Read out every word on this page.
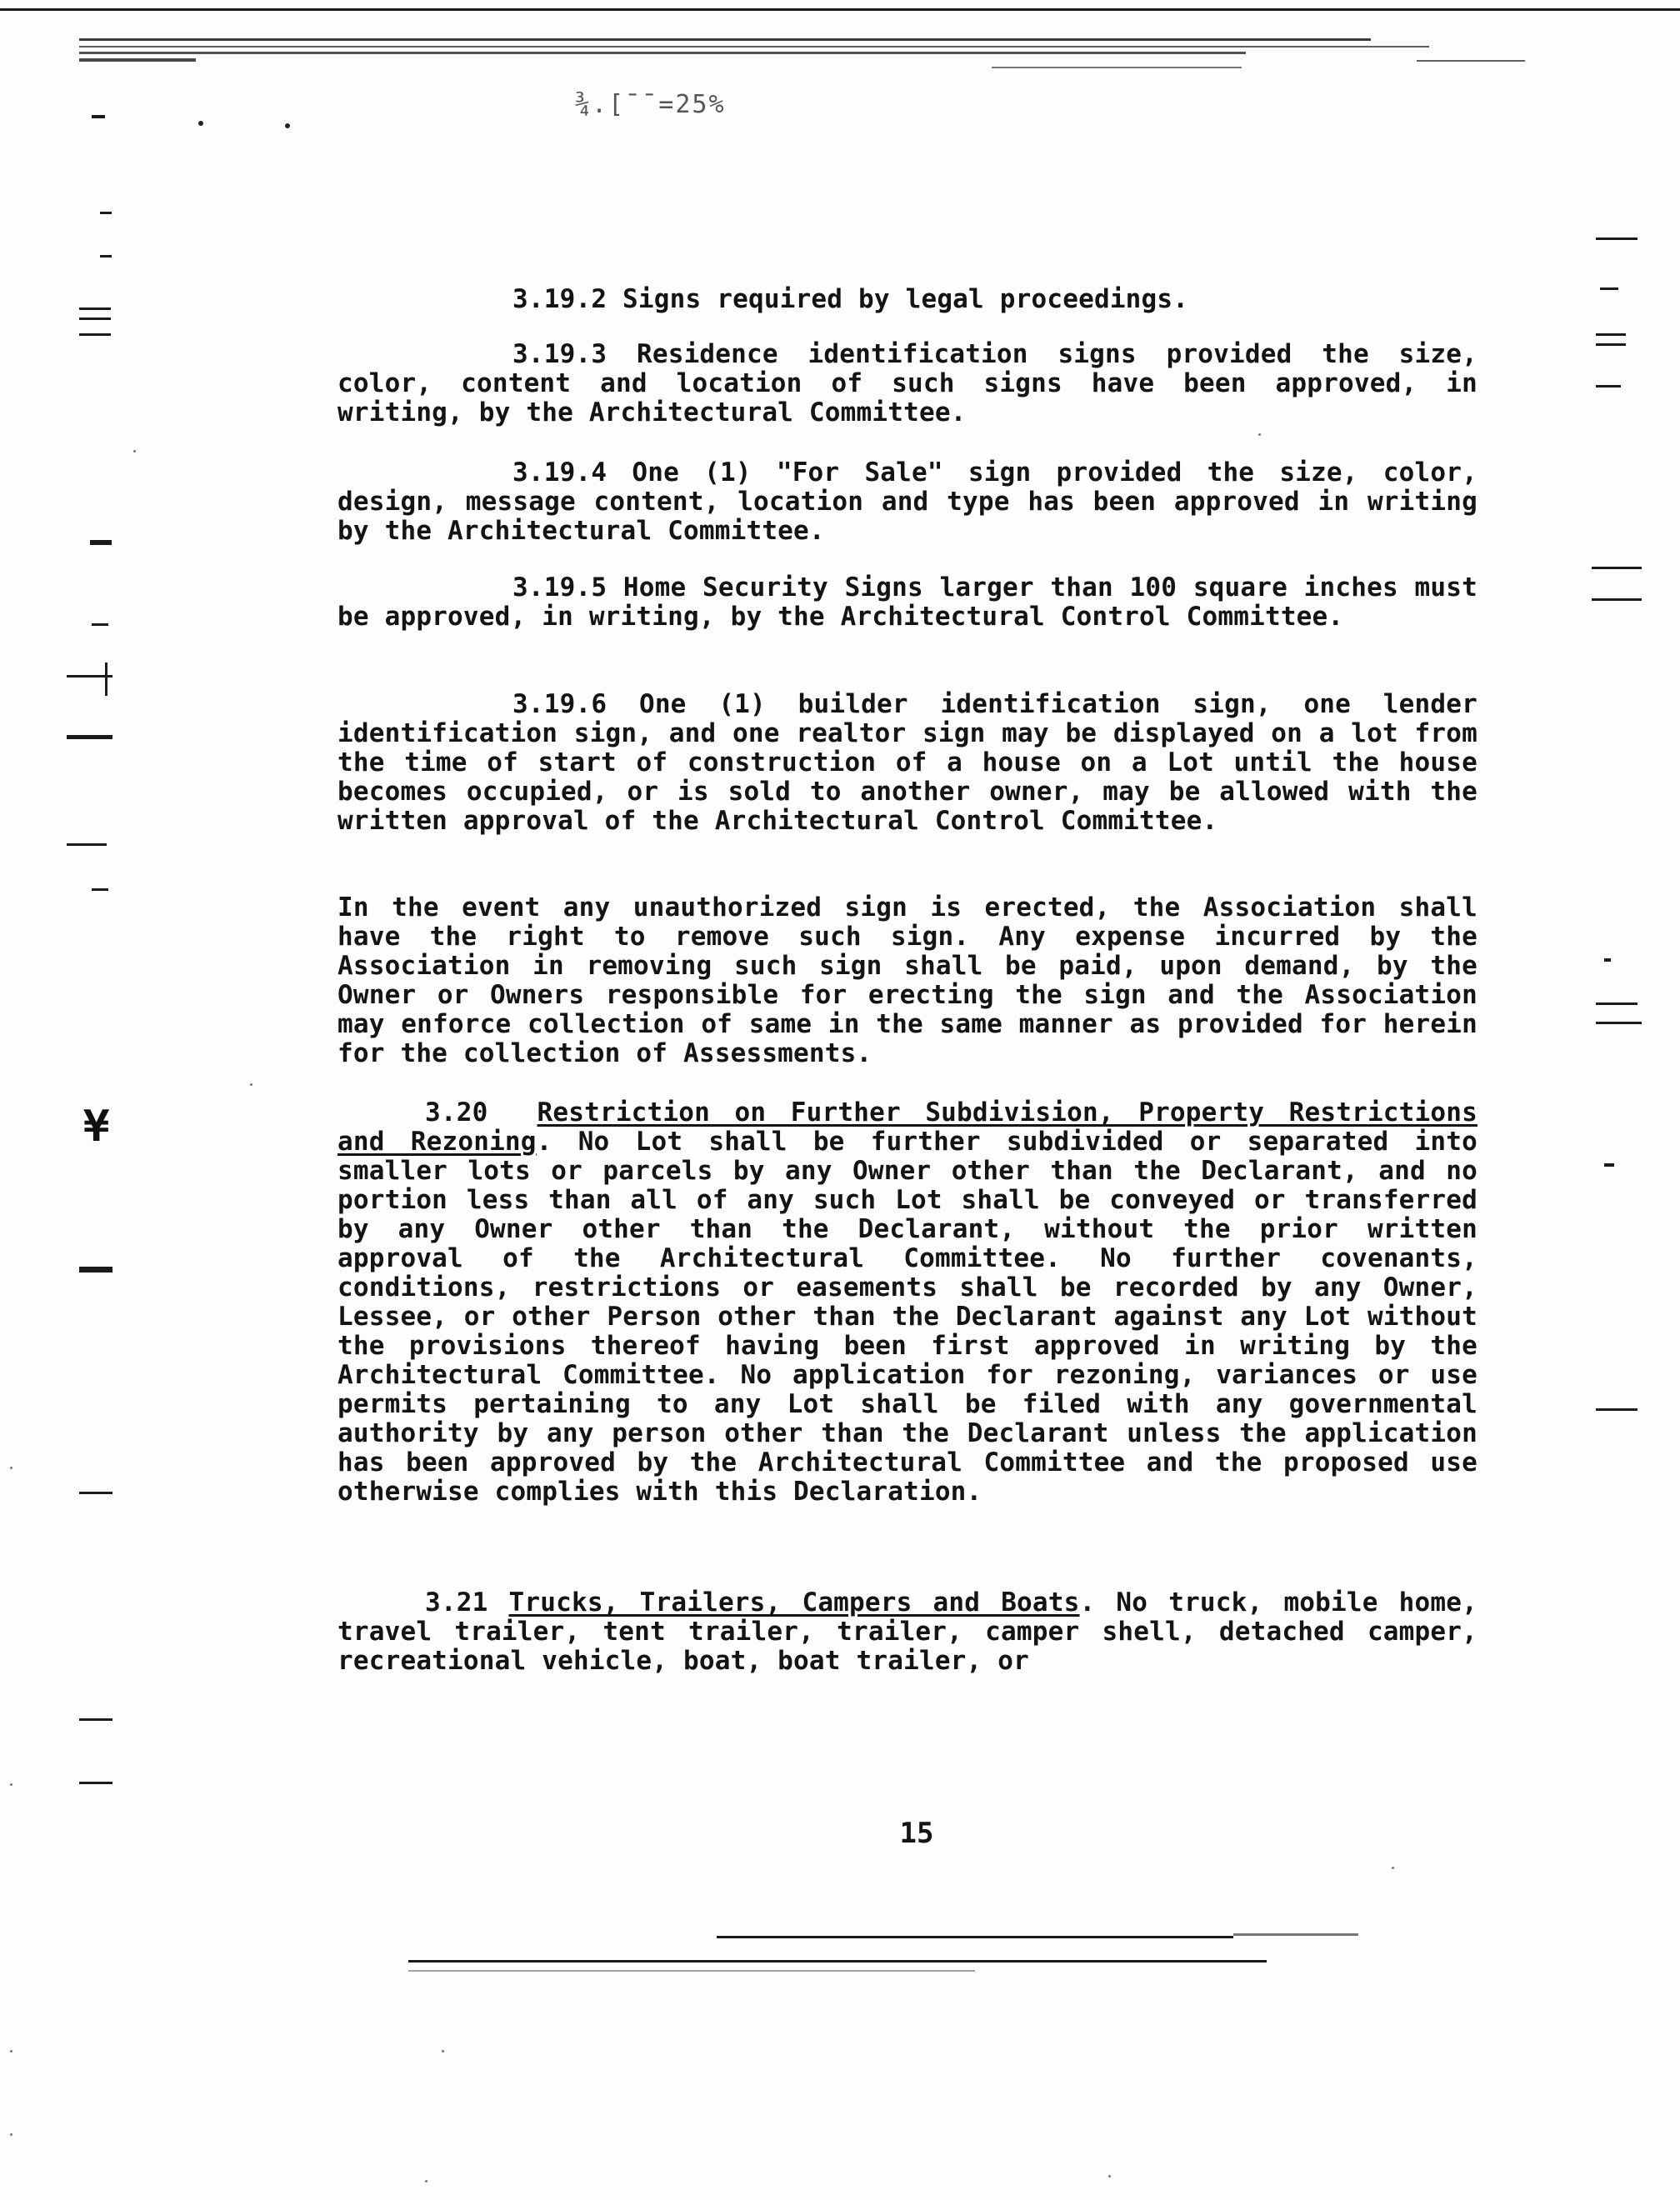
¾.[¯¯=25%
¥

3.19.2 Signs required by legal proceedings.

3.19.3 Residence identification signs provided the size, color, content and location of such signs have been approved, in writing, by the Architectural Committee.

3.19.4 One (1) "For Sale" sign provided the size, color, design, message content, location and type has been approved in writing by the Architectural Committee.

3.19.5 Home Security Signs larger than 100 square inches must be approved, in writing, by the Architectural Control Committee.

3.19.6 One (1) builder identification sign, one lender identification sign, and one realtor sign may be displayed on a lot from the time of start of construction of a house on a Lot until the house becomes occupied, or is sold to another owner, may be allowed with the written approval of the Architectural Control Committee.

In the event any unauthorized sign is erected, the Association shall have the right to remove such sign. Any expense incurred by the Association in removing such sign shall be paid, upon demand, by the Owner or Owners responsible for erecting the sign and the Association may enforce collection of same in the same manner as provided for herein for the collection of Assessments.

3.20 Restriction on Further Subdivision, Property Restrictions and Rezoning. No Lot shall be further subdivided or separated into smaller lots or parcels by any Owner other than the Declarant, and no portion less than all of any such Lot shall be conveyed or transferred by any Owner other than the Declarant, without the prior written approval of the Architectural Committee. No further covenants, conditions, restrictions or easements shall be recorded by any Owner, Lessee, or other Person other than the Declarant against any Lot without the provisions thereof having been first approved in writing by the Architectural Committee. No application for rezoning, variances or use permits pertaining to any Lot shall be filed with any governmental authority by any person other than the Declarant unless the application has been approved by the Architectural Committee and the proposed use otherwise complies with this Declaration.

3.21 Trucks, Trailers, Campers and Boats. No truck, mobile home, travel trailer, tent trailer, trailer, camper shell, detached camper, recreational vehicle, boat, boat trailer, or

15
